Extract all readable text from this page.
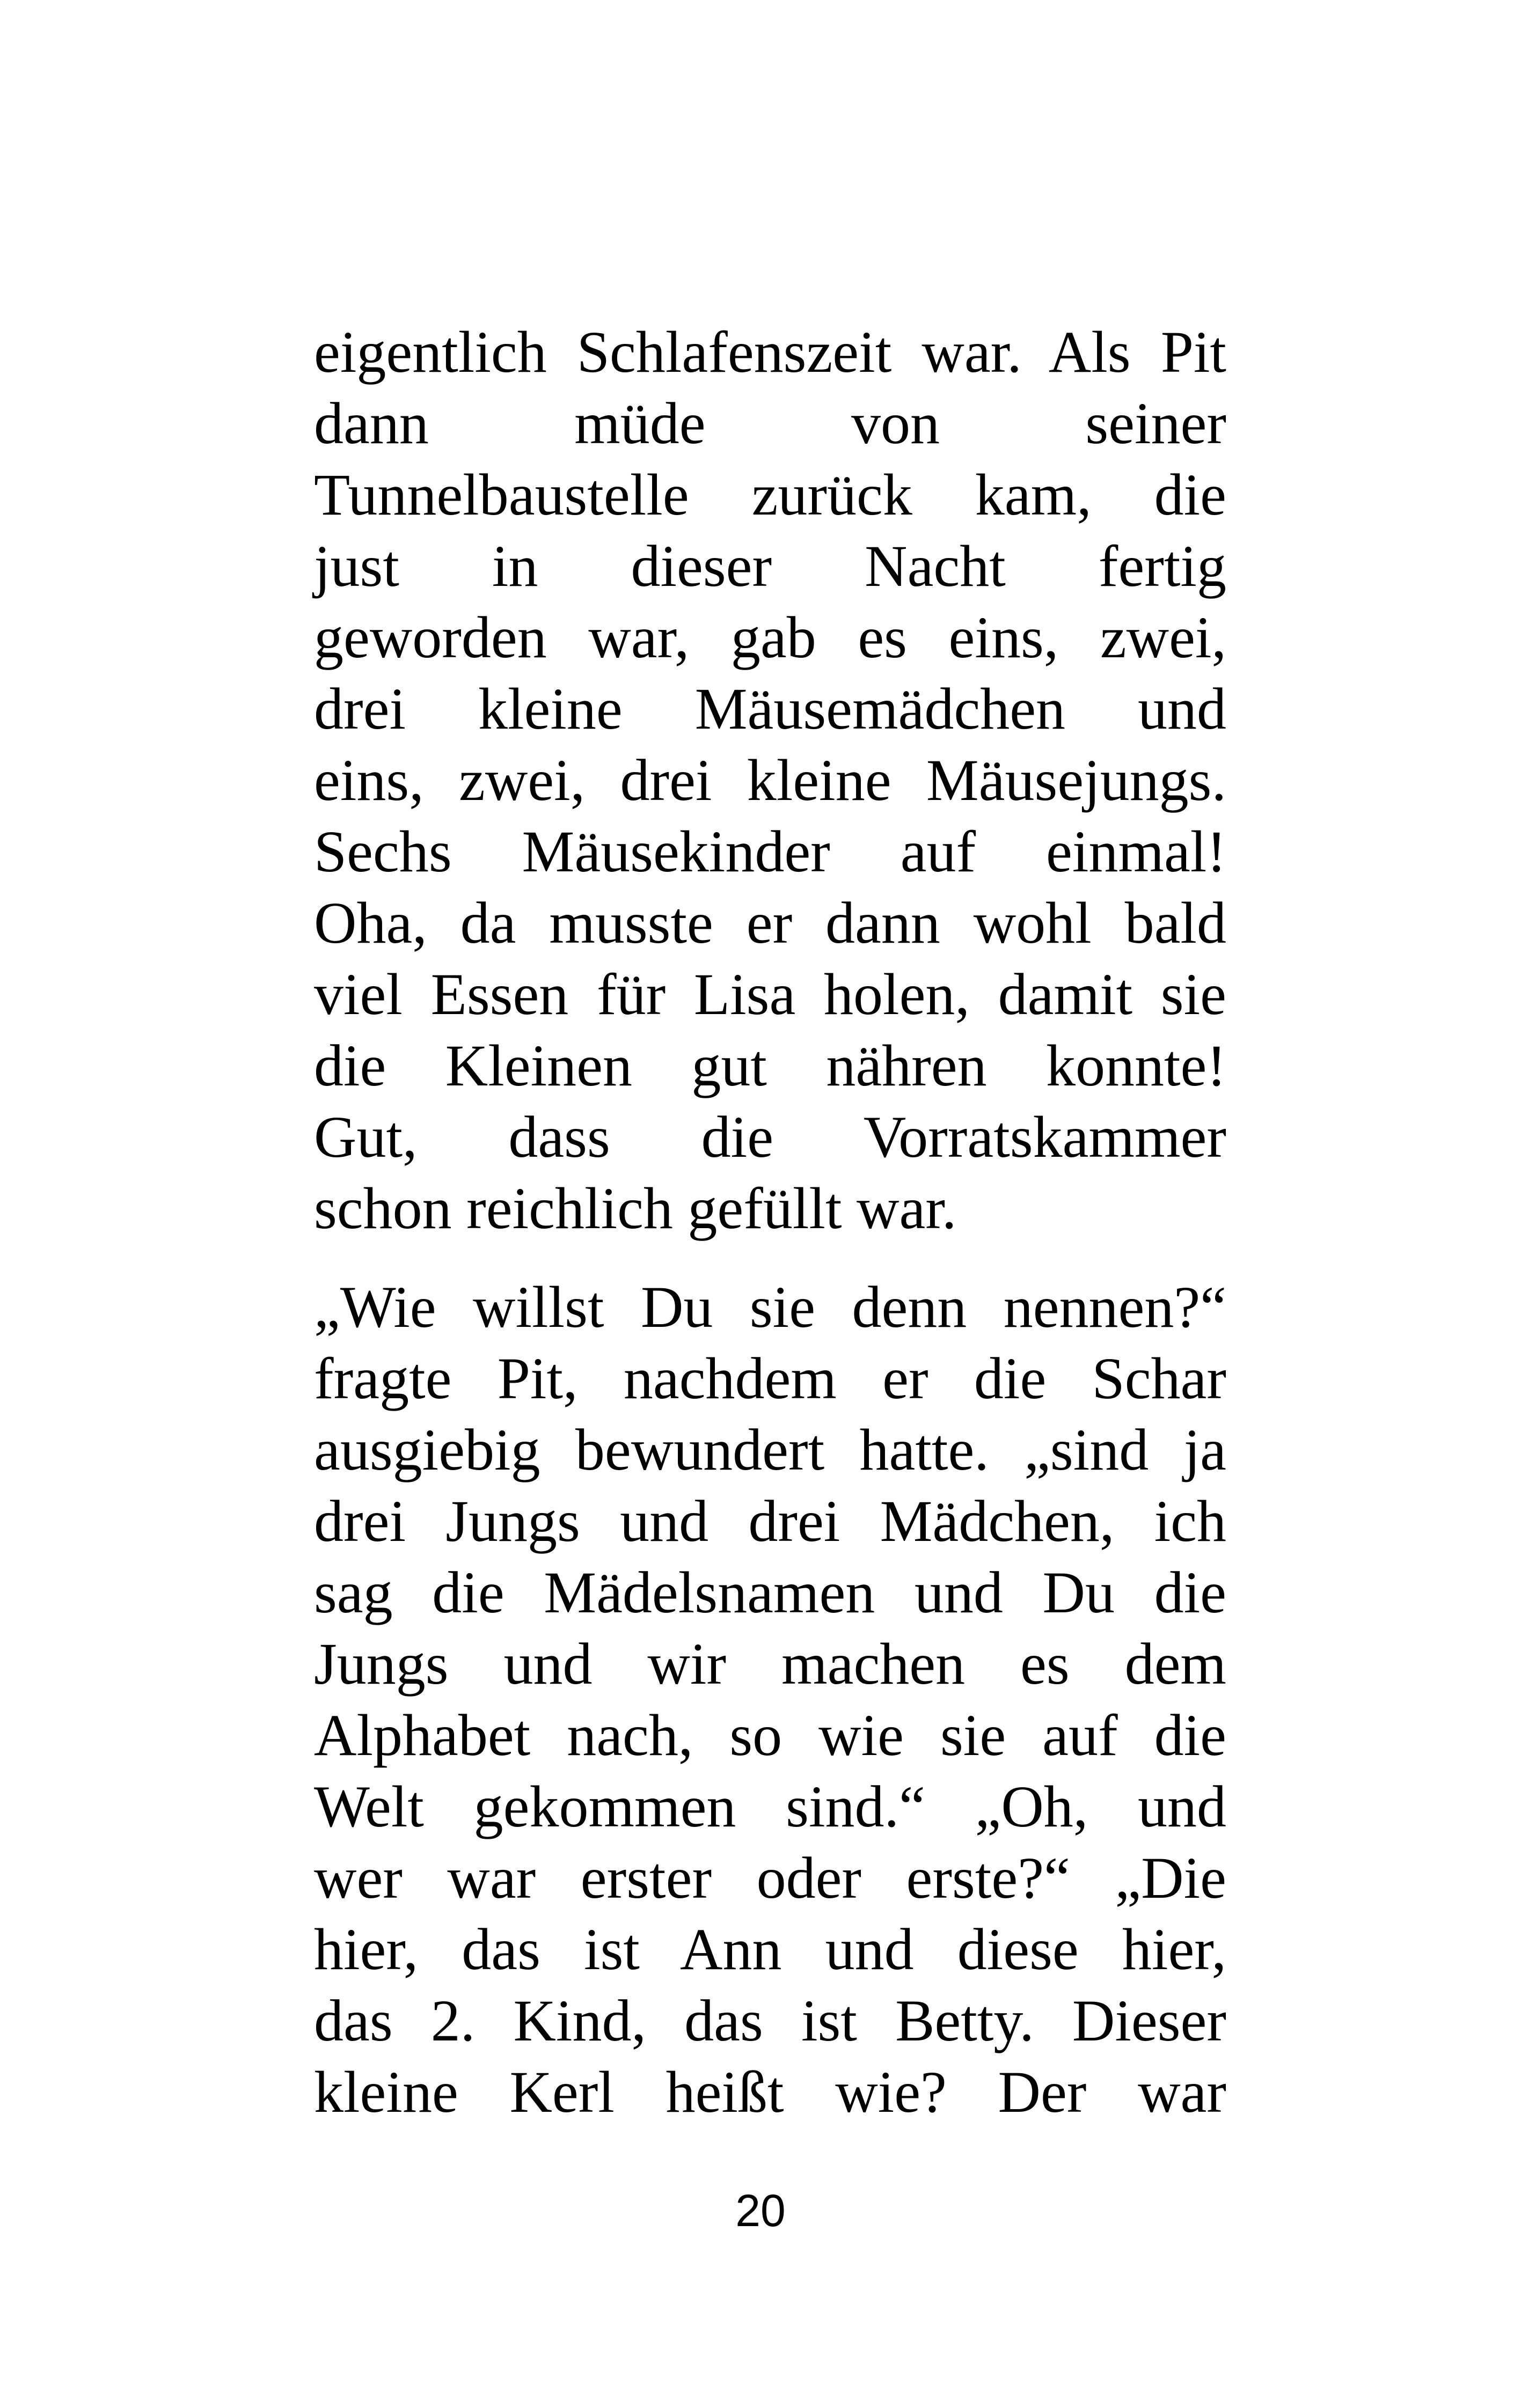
eigentlich Schlafenszeit war. Als Pit
dann müde von seiner
Tunnelbaustelle zurück kam, die
just in dieser Nacht fertig
geworden war, gab es eins, zwei,
drei kleine Mäusemädchen und
eins, zwei, drei kleine Mäusejungs.
Sechs Mäusekinder auf einmal!
Oha, da musste er dann wohl bald
viel Essen für Lisa holen, damit sie
die Kleinen gut nähren konnte!
Gut, dass die Vorratskammer
schon reichlich gefüllt war.
„Wie willst Du sie denn nennen?“
fragte Pit, nachdem er die Schar
ausgiebig bewundert hatte. „sind ja
drei Jungs und drei Mädchen, ich
sag die Mädelsnamen und Du die
Jungs und wir machen es dem
Alphabet nach, so wie sie auf die
Welt gekommen sind.“ „Oh, und
wer war erster oder erste?“ „Die
hier, das ist Ann und diese hier,
das 2. Kind, das ist Betty. Dieser
kleine Kerl heißt wie? Der war
20
